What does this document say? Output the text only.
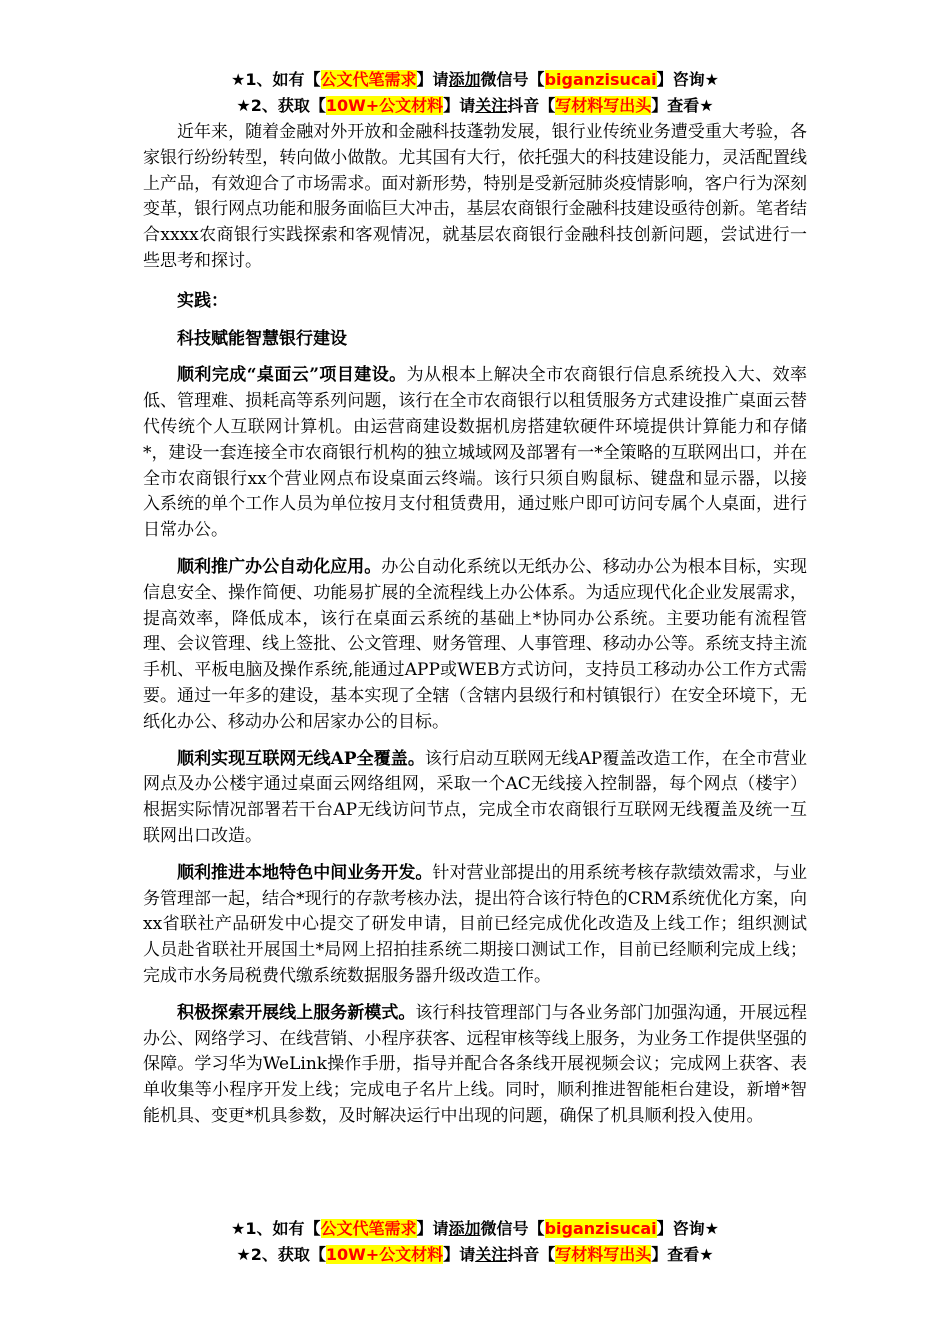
★1、如有【公文代笔需求】请添加微信号【biganzisucai】咨询★
★2、获取【10W+公文材料】请关注抖音【写材料写出头】查看★

近年来，随着金融对外开放和金融科技蓬勃发展，银行业传统业务遭受重大考验，各家银行纷纷转型，转向做小做散。尤其国有大行，依托强大的科技建设能力，灵活配置线上产品，有效迎合了市场需求。面对新形势，特别是受新冠肺炎疫情影响，客户行为深刻变革，银行网点功能和服务面临巨大冲击，基层农商银行金融科技建设亟待创新。笔者结合xxxx农商银行实践探索和客观情况，就基层农商银行金融科技创新问题，尝试进行一些思考和探讨。

实践：

科技赋能智慧银行建设

顺利完成“桌面云”项目建设。为从根本上解决全市农商银行信息系统投入大、效率低、管理难、损耗高等系列问题，该行在全市农商银行以租赁服务方式建设推广桌面云替代传统个人互联网计算机。由运营商建设数据机房搭建软硬件环境提供计算能力和存储*，建设一套连接全市农商银行机构的独立城域网及部署有一*全策略的互联网出口，并在全市农商银行xx个营业网点布设桌面云终端。该行只须自购鼠标、键盘和显示器，以接入系统的单个工作人员为单位按月支付租赁费用，通过账户即可访问专属个人桌面，进行日常办公。

顺利推广办公自动化应用。办公自动化系统以无纸办公、移动办公为根本目标，实现信息安全、操作简便、功能易扩展的全流程线上办公体系。为适应现代化企业发展需求，提高效率，降低成本，该行在桌面云系统的基础上*协同办公系统。主要功能有流程管理、会议管理、线上签批、公文管理、财务管理、人事管理、移动办公等。系统支持主流手机、平板电脑及操作系统,能通过APP或WEB方式访问，支持员工移动办公工作方式需要。通过一年多的建设，基本实现了全辖（含辖内县级行和村镇银行）在安全环境下，无纸化办公、移动办公和居家办公的目标。

顺利实现互联网无线AP全覆盖。该行启动互联网无线AP覆盖改造工作，在全市营业网点及办公楼宇通过桌面云网络组网，采取一个AC无线接入控制器，每个网点（楼宇）根据实际情况部署若干台AP无线访问节点，完成全市农商银行互联网无线覆盖及统一互联网出口改造。

顺利推进本地特色中间业务开发。针对营业部提出的用系统考核存款绩效需求，与业务管理部一起，结合*现行的存款考核办法，提出符合该行特色的CRM系统优化方案，向xx省联社产品研发中心提交了研发申请，目前已经完成优化改造及上线工作；组织测试人员赴省联社开展国土*局网上招拍挂系统二期接口测试工作，目前已经顺利完成上线；完成市水务局税费代缴系统数据服务器升级改造工作。

积极探索开展线上服务新模式。该行科技管理部门与各业务部门加强沟通，开展远程办公、网络学习、在线营销、小程序获客、远程审核等线上服务，为业务工作提供坚强的保障。学习华为WeLink操作手册，指导并配合各条线开展视频会议；完成网上获客、表单收集等小程序开发上线；完成电子名片上线。同时，顺利推进智能柜台建设，新增*智能机具、变更*机具参数，及时解决运行中出现的问题，确保了机具顺利投入使用。

★1、如有【公文代笔需求】请添加微信号【biganzisucai】咨询★
★2、获取【10W+公文材料】请关注抖音【写材料写出头】查看★
